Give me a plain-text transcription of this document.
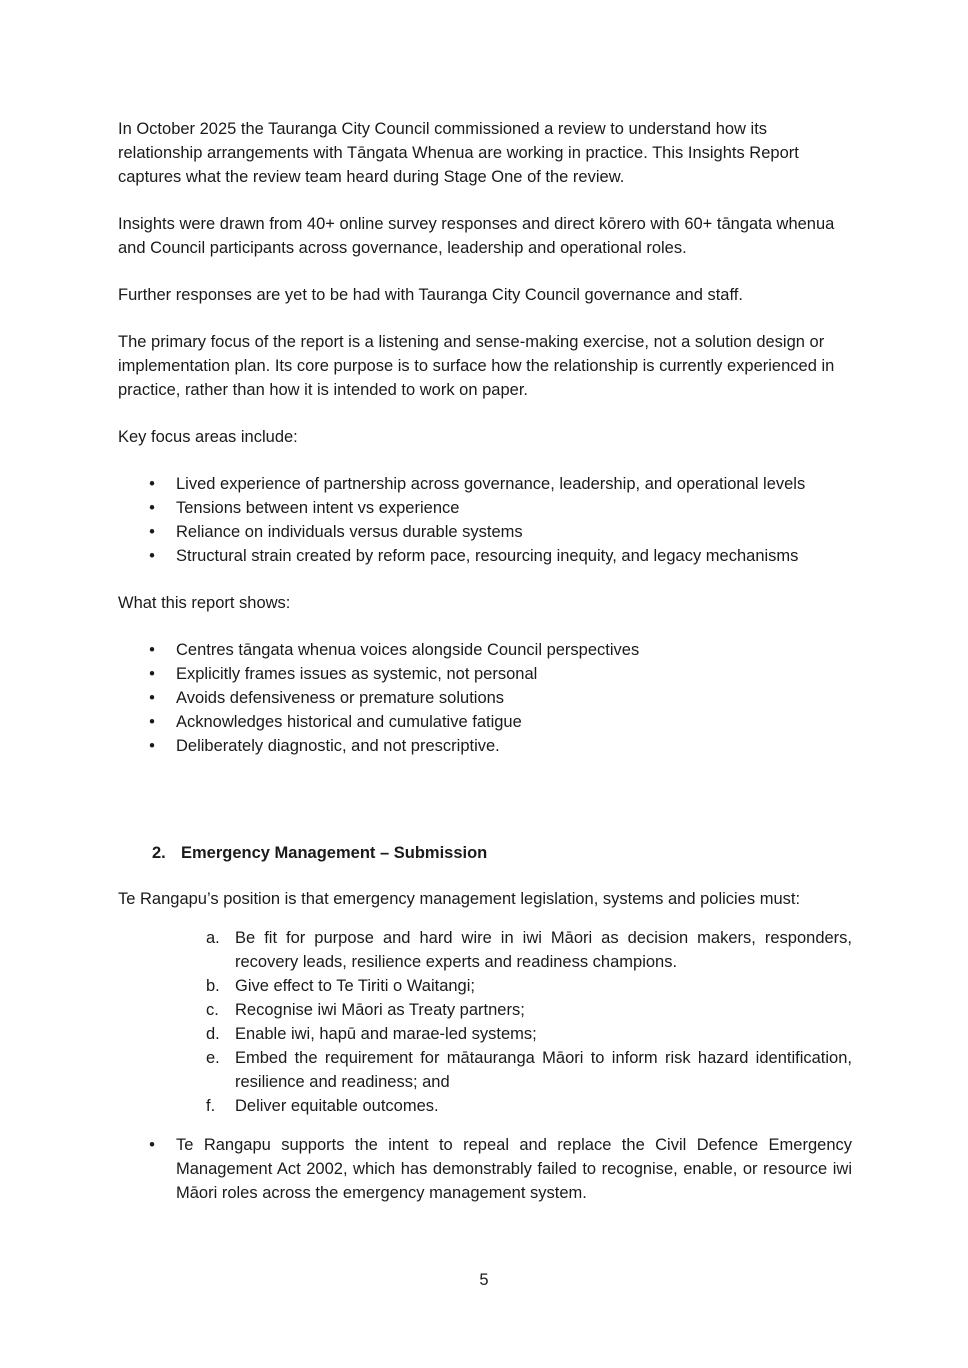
In October 2025 the Tauranga City Council commissioned a review to understand how its relationship arrangements with Tāngata Whenua are working in practice. This Insights Report captures what the review team heard during Stage One of the review.

Insights were drawn from 40+ online survey responses and direct kōrero with 60+ tāngata whenua and Council participants across governance, leadership and operational roles.

Further responses are yet to be had with Tauranga City Council governance and staff.

The primary focus of the report is a listening and sense-making exercise, not a solution design or implementation plan. Its core purpose is to surface how the relationship is currently experienced in practice, rather than how it is intended to work on paper.

Key focus areas include:

• Lived experience of partnership across governance, leadership, and operational levels
• Tensions between intent vs experience
• Reliance on individuals versus durable systems
• Structural strain created by reform pace, resourcing inequity, and legacy mechanisms

What this report shows:

• Centres tāngata whenua voices alongside Council perspectives
• Explicitly frames issues as systemic, not personal
• Avoids defensiveness or premature solutions
• Acknowledges historical and cumulative fatigue
• Deliberately diagnostic, and not prescriptive.
2. Emergency Management – Submission

Te Rangapu’s position is that emergency management legislation, systems and policies must:

a. Be fit for purpose and hard wire in iwi Māori as decision makers, responders, recovery leads, resilience experts and readiness champions.
b. Give effect to Te Tiriti o Waitangi;
c. Recognise iwi Māori as Treaty partners;
d. Enable iwi, hapū and marae-led systems;
e. Embed the requirement for mātauranga Māori to inform risk hazard identification, resilience and readiness; and
f. Deliver equitable outcomes.
• Te Rangapu supports the intent to repeal and replace the Civil Defence Emergency Management Act 2002, which has demonstrably failed to recognise, enable, or resource iwi Māori roles across the emergency management system.
5
